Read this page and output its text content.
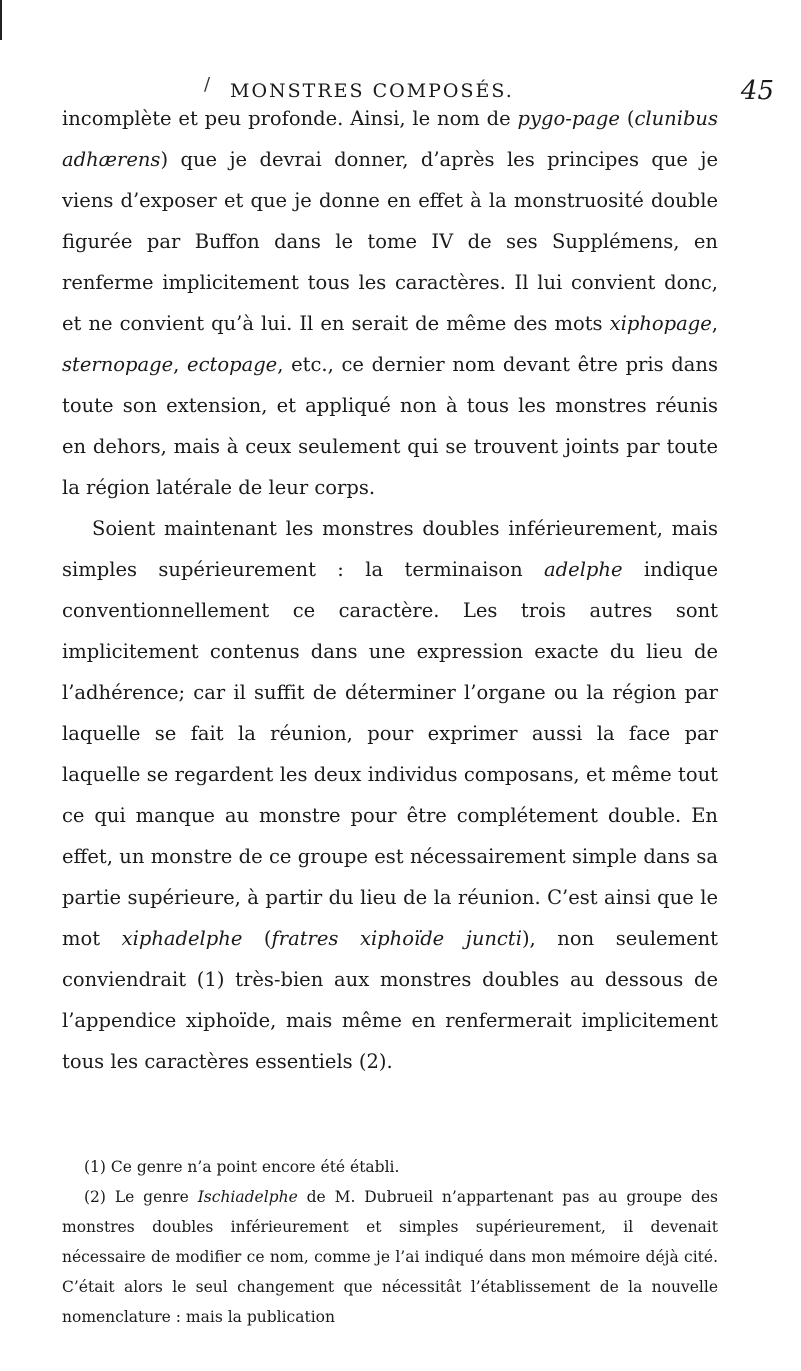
/ MONSTRES COMPOSÉS.	45

incomplète et peu profonde. Ainsi, le nom de pygo-page (clunibus adhærens) que je devrai donner, d’après les principes que je viens d’exposer et que je donne en effet à la monstruosité double figurée par Buffon dans le tome IV de ses Supplémens, en renferme implicitement tous les caractères. Il lui convient donc, et ne convient qu’à lui. Il en serait de même des mots xiphopage, sternopage, ectopage, etc., ce dernier nom devant être pris dans toute son extension, et appliqué non à tous les monstres réunis en dehors, mais à ceux seulement qui se trouvent joints par toute la région latérale de leur corps.

Soient maintenant les monstres doubles inférieurement, mais simples supérieurement : la terminaison adelphe indique conventionnellement ce caractère. Les trois autres sont implicitement contenus dans une expression exacte du lieu de l’adhérence; car il suffit de déterminer l’organe ou la région par laquelle se fait la réunion, pour exprimer aussi la face par laquelle se regardent les deux individus composans, et même tout ce qui manque au monstre pour être complétement double. En effet, un monstre de ce groupe est nécessairement simple dans sa partie supérieure, à partir du lieu de la réunion. C’est ainsi que le mot xiphadelphe (fratres xiphoïde juncti), non seulement conviendrait (1) très-bien aux monstres doubles au dessous de l’appendice xiphoïde, mais même en renfermerait implicitement tous les caractères essentiels (2).

(1) Ce genre n’a point encore été établi.

(2) Le genre Ischiadelphe de M. Dubrueil n’appartenant pas au groupe des monstres doubles inférieurement et simples supérieurement, il devenait nécessaire de modifier ce nom, comme je l’ai indiqué dans mon mémoire déjà cité. C’était alors le seul changement que nécessitât l’établissement de la nouvelle nomenclature : mais la publication
